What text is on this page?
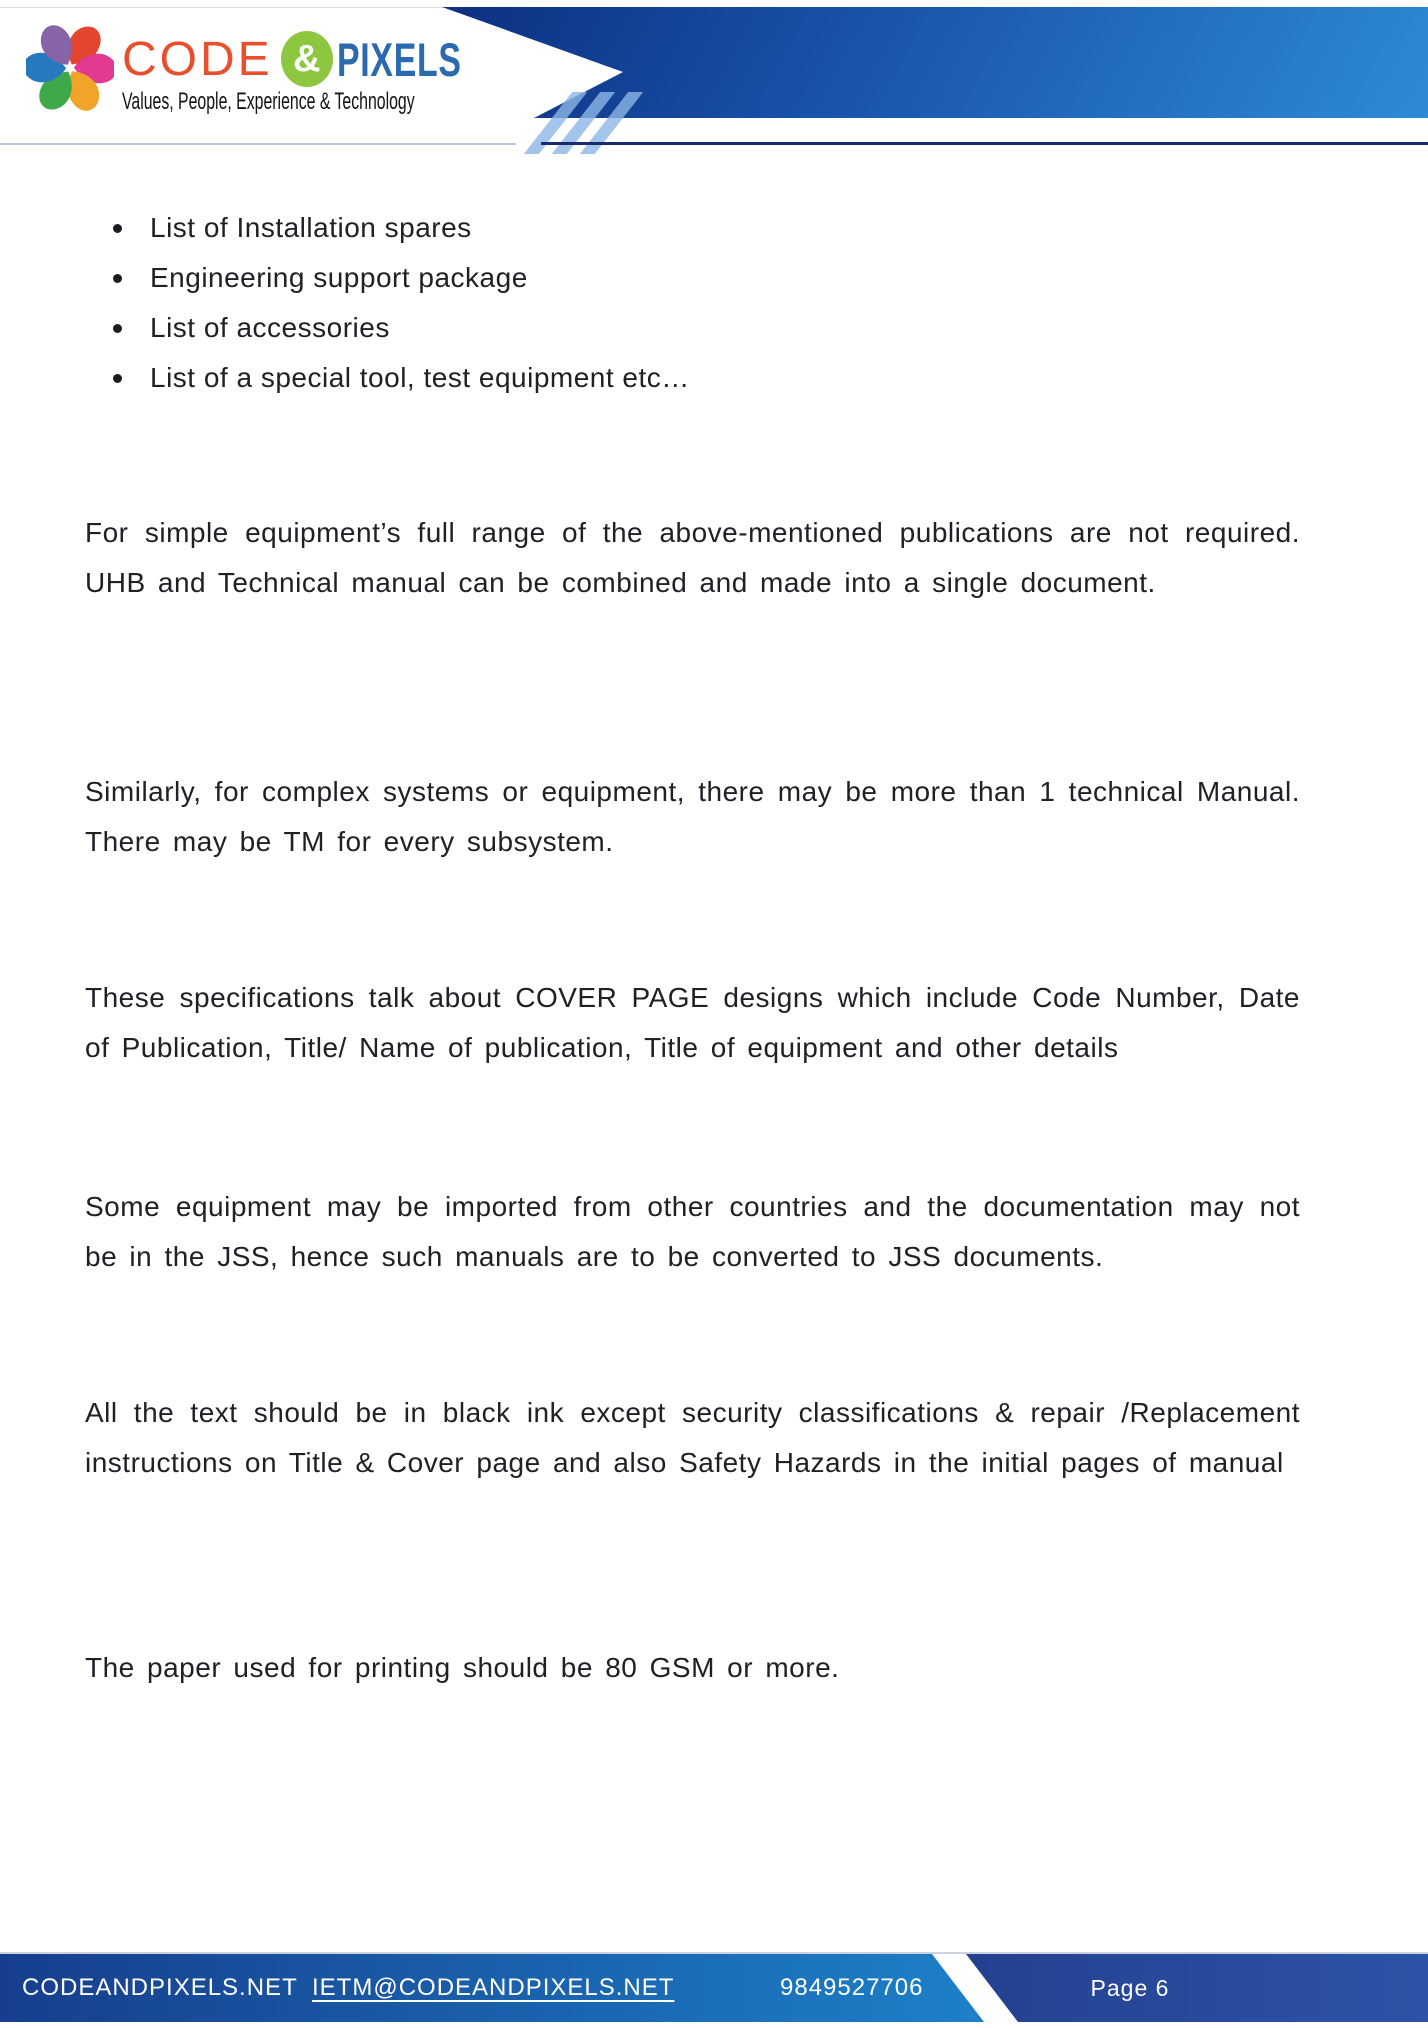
CODE & PIXELS
Values, People, Experience & Technology
List of Installation spares
Engineering support package
List of accessories
List of a special tool, test equipment etc…

For simple equipment’s full range of the above-mentioned publications are not required. UHB and Technical manual can be combined and made into a single document.

Similarly, for complex systems or equipment, there may be more than 1 technical Manual. There may be TM for every subsystem.

These specifications talk about COVER PAGE designs which include Code Number, Date of Publication, Title/ Name of publication, Title of equipment and other details

Some equipment may be imported from other countries and the documentation may not be in the JSS, hence such manuals are to be converted to JSS documents.

All the text should be in black ink except security classifications & repair /Replacement instructions on Title & Cover page and also Safety Hazards in the initial pages of manual

The paper used for printing should be 80 GSM or more.

CODEANDPIXELS.NET IETM@CODEANDPIXELS.NET	9849527706	Page 6
